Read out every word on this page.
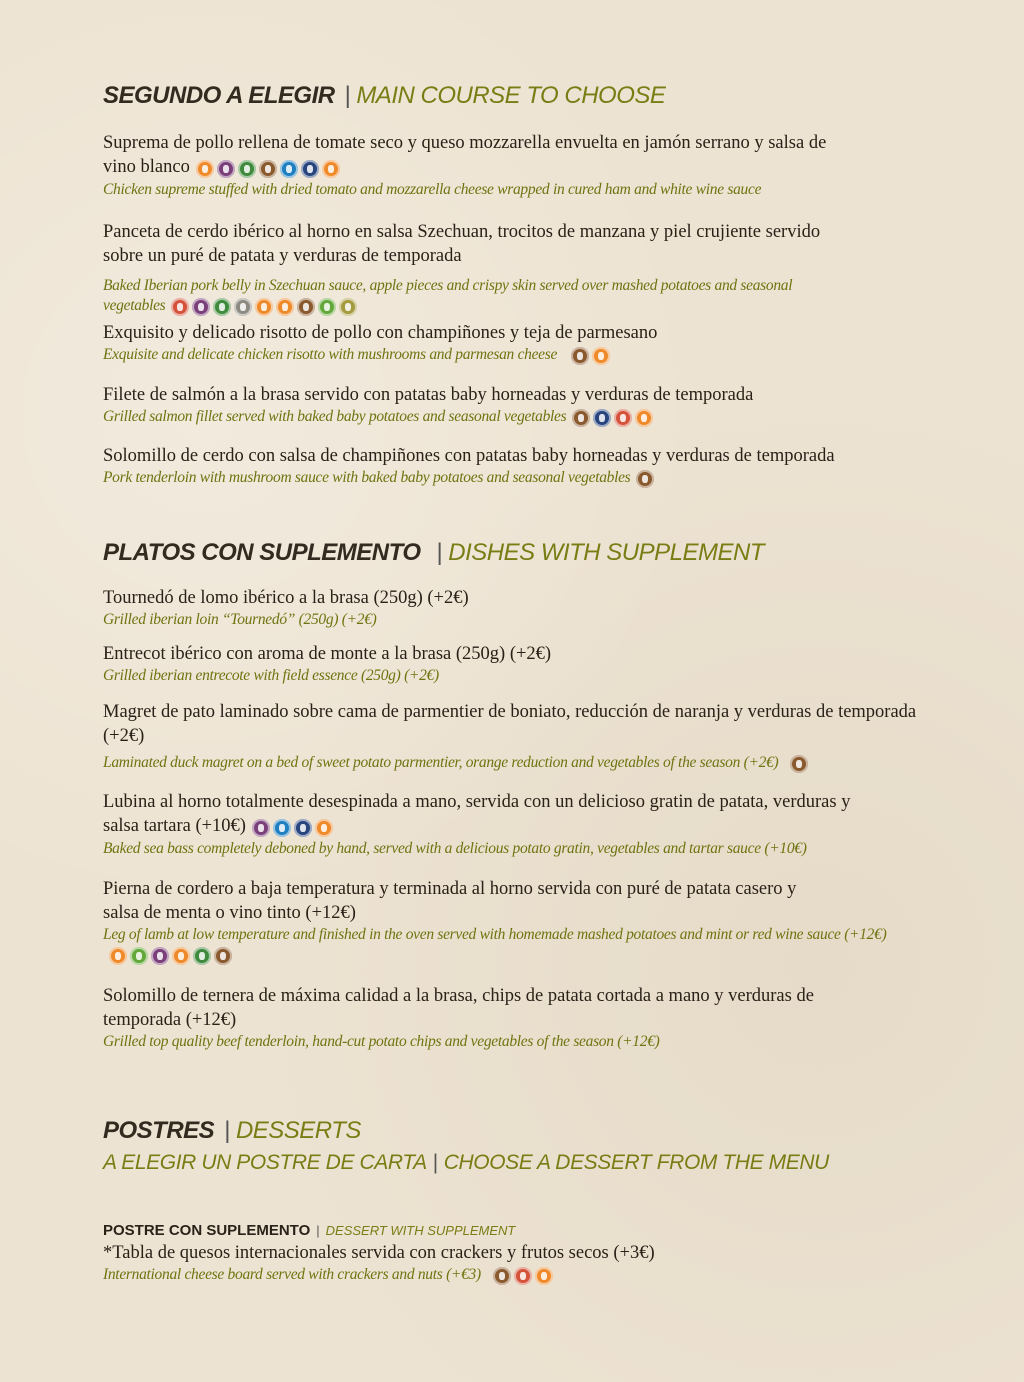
SEGUNDO A ELEGIR | MAIN COURSE TO CHOOSE
Suprema de pollo rellena de tomate seco y queso mozzarella envuelta en jamón serrano y salsa de vino blanco
Chicken supreme stuffed with dried tomato and mozzarella cheese wrapped in cured ham and white wine sauce
Panceta de cerdo ibérico al horno en salsa Szechuan, trocitos de manzana y piel crujiente servido sobre un puré de patata y verduras de temporada
Baked Iberian pork belly in Szechuan sauce, apple pieces and crispy skin served over mashed potatoes and seasonal vegetables
Exquisito y delicado risotto de pollo con champiñones y teja de parmesano
Exquisite and delicate chicken risotto with mushrooms and parmesan cheese
Filete de salmón a la brasa servido con patatas baby horneadas y verduras de temporada
Grilled salmon fillet served with baked baby potatoes and seasonal vegetables
Solomillo de cerdo con salsa de champiñones con patatas baby horneadas y verduras de temporada
Pork tenderloin with mushroom sauce with baked baby potatoes and seasonal vegetables
PLATOS CON SUPLEMENTO | DISHES WITH SUPPLEMENT
Tournedó de lomo ibérico a la brasa (250g) (+2€)
Grilled iberian loin “Tournedó” (250g) (+2€)
Entrecot ibérico con aroma de monte a la brasa (250g) (+2€)
Grilled iberian entrecote with field essence (250g) (+2€)
Magret de pato laminado sobre cama de parmentier de boniato, reducción de naranja y verduras de temporada (+2€)
Laminated duck magret on a bed of sweet potato parmentier, orange reduction and vegetables of the season (+2€)
Lubina al horno totalmente desespinada a mano, servida con un delicioso gratin de patata, verduras y salsa tartara (+10€)
Baked sea bass completely deboned by hand, served with a delicious potato gratin, vegetables and tartar sauce (+10€)
Pierna de cordero a baja temperatura y terminada al horno servida con puré de patata casero y salsa de menta o vino tinto (+12€)
Leg of lamb at low temperature and finished in the oven served with homemade mashed potatoes and mint or red wine sauce (+12€)
Solomillo de ternera de máxima calidad a la brasa, chips de patata cortada a mano y verduras de temporada (+12€)
Grilled top quality beef tenderloin, hand-cut potato chips and vegetables of the season (+12€)
POSTRES | DESSERTS
A ELEGIR UN POSTRE DE CARTA | CHOOSE A DESSERT FROM THE MENU
POSTRE CON SUPLEMENTO | DESSERT WITH SUPPLEMENT
*Tabla de quesos internacionales servida con crackers y frutos secos (+3€)
International cheese board served with crackers and nuts (+€3)
